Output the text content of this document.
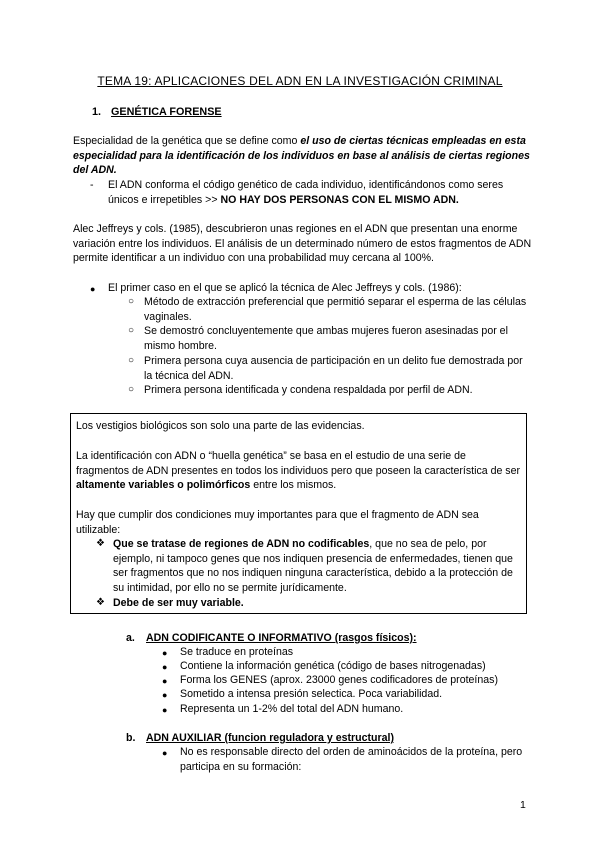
TEMA 19: APLICACIONES DEL ADN EN LA INVESTIGACIÓN CRIMINAL
1. GENÉTICA FORENSE
Especialidad de la genética que se define como el uso de ciertas técnicas empleadas en esta especialidad para la identificación de los individuos en base al análisis de ciertas regiones del ADN.
- El ADN conforma el código genético de cada individuo, identificándonos como seres únicos e irrepetibles >> NO HAY DOS PERSONAS CON EL MISMO ADN.
Alec Jeffreys y cols. (1985), descubrieron unas regiones en el ADN que presentan una enorme variación entre los individuos. El análisis de un determinado número de estos fragmentos de ADN permite identificar a un individuo con una probabilidad muy cercana al 100%.
● El primer caso en el que se aplicó la técnica de Alec Jeffreys y cols. (1986):
○ Método de extracción preferencial que permitió separar el esperma de las células vaginales.
○ Se demostró concluyentemente que ambas mujeres fueron asesinadas por el mismo hombre.
○ Primera persona cuya ausencia de participación en un delito fue demostrada por la técnica del ADN.
○ Primera persona identificada y condena respaldada por perfil de ADN.
Los vestigios biológicos son solo una parte de las evidencias.
La identificación con ADN o “huella genética” se basa en el estudio de una serie de fragmentos de ADN presentes en todos los individuos pero que poseen la característica de ser altamente variables o polimórficos entre los mismos.
Hay que cumplir dos condiciones muy importantes para que el fragmento de ADN sea utilizable:
❖ Que se tratase de regiones de ADN no codificables, que no sea de pelo, por ejemplo, ni tampoco genes que nos indiquen presencia de enfermedades, tienen que ser fragmentos que no nos indiquen ninguna característica, debido a la protección de su intimidad, por ello no se permite jurídicamente.
❖ Debe de ser muy variable.
a. ADN CODIFICANTE O INFORMATIVO (rasgos físicos):
● Se traduce en proteínas
● Contiene la información genética (código de bases nitrogenadas)
● Forma los GENES (aprox. 23000 genes codificadores de proteínas)
● Sometido a intensa presión selectica. Poca variabilidad.
● Representa un 1-2% del total del ADN humano.
b. ADN AUXILIAR (funcion reguladora y estructural)
● No es responsable directo del orden de aminoácidos de la proteína, pero participa en su formación:
1
